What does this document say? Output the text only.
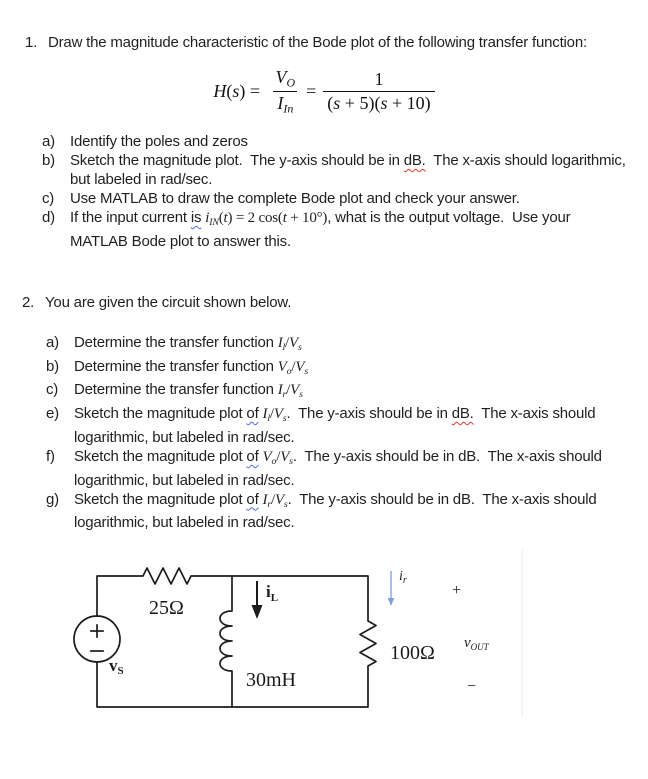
1. Draw the magnitude characteristic of the Bode plot of the following transfer function:
$H(s) = \frac{VO}{\text{IIn}} = \frac{1}{(s + 5)(s + 10)}$
a)	Identify the poles and zeros
b)	Sketch the magnitude plot.  The y-axis should be in dB.  The x-axis should logarithmic,
but labeled in rad/sec.
c)	Use MATLAB to draw the complete Bode plot and check your answer.
d)	If the input current is iIN(t) = 2 cos(t + 10°), what is the output voltage.  Use your
MATLAB Bode plot to answer this.
2. You are given the circuit shown below.
a)	Determine the transfer function Il/Vs
b)	Determine the transfer function Vo/Vs
c)	Determine the transfer function Ir/Vs
e)	Sketch the magnitude plot of Il/Vs.  The y-axis should be in dB.  The x-axis should
logarithmic, but labeled in rad/sec.
f)	Sketch the magnitude plot of Vo/Vs.  The y-axis should be in dB.  The x-axis should
logarithmic, but labeled in rad/sec.
g)	Sketch the magnitude plot of Ir/Vs.  The y-axis should be in dB.  The x-axis should
logarithmic, but labeled in rad/sec.
25Ω
vS
$i_L$
30mH
100Ω
ir
+
vOUT
−
